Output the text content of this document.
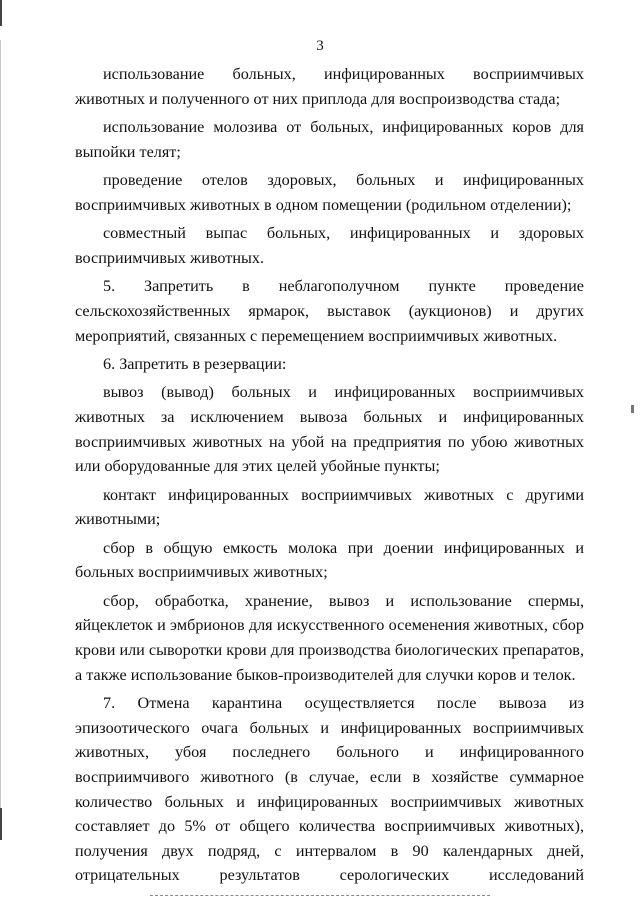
3

использование больных, инфицированных восприимчивых животных и полученного от них приплода для воспроизводства стада;

использование молозива от больных, инфицированных коров для выпойки телят;

проведение отелов здоровых, больных и инфицированных восприимчивых животных в одном помещении (родильном отделении);

совместный выпас больных, инфицированных и здоровых восприимчивых животных.

5. Запретить в неблагополучном пункте проведение сельскохозяйственных ярмарок, выставок (аукционов) и других мероприятий, связанных с перемещением восприимчивых животных.

6. Запретить в резервации:

вывоз (вывод) больных и инфицированных восприимчивых животных за исключением вывоза больных и инфицированных восприимчивых животных на убой на предприятия по убою животных или оборудованные для этих целей убойные пункты;

контакт инфицированных восприимчивых животных с другими животными;

сбор в общую емкость молока при доении инфицированных и больных восприимчивых животных;

сбор, обработка, хранение, вывоз и использование спермы, яйцеклеток и эмбрионов для искусственного осеменения животных, сбор крови или сыворотки крови для производства биологических препаратов, а также использование быков-производителей для случки коров и телок.

7. Отмена карантина осуществляется после вывоза из эпизоотического очага больных и инфицированных восприимчивых животных, убоя последнего больного и инфицированного восприимчивого животного (в случае, если в хозяйстве суммарное количество больных и инфицированных восприимчивых животных составляет до 5% от общего количества восприимчивых животных), получения двух подряд, с интервалом в 90 календарных дней, отрицательных результатов серологических исследований
